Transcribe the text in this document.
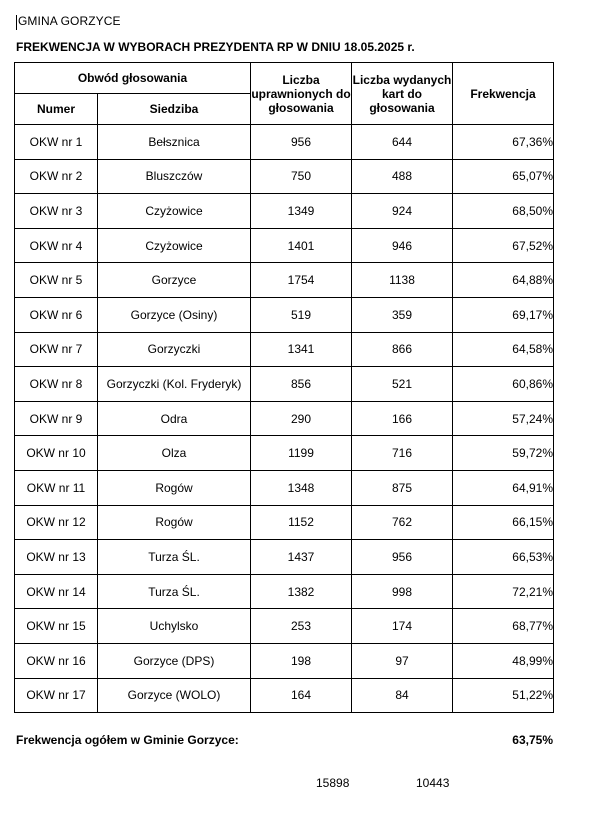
GMINA GORZYCE
FREKWENCJA W WYBORACH PREZYDENTA RP W DNIU 18.05.2025 r.
Obwód głosowania		Liczba uprawnionych do głosowania	Liczba wydanych kart do głosowania	Frekwencja
Numer	Siedziba			
OKW nr 1	Bełsznica	956	644	67,36%
OKW nr 2	Bluszczów	750	488	65,07%
OKW nr 3	Czyżowice	1349	924	68,50%
OKW nr 4	Czyżowice	1401	946	67,52%
OKW nr 5	Gorzyce	1754	1138	64,88%
OKW nr 6	Gorzyce (Osiny)	519	359	69,17%
OKW nr 7	Gorzyczki	1341	866	64,58%
OKW nr 8	Gorzyczki (Kol. Fryderyk)	856	521	60,86%
OKW nr 9	Odra	290	166	57,24%
OKW nr 10	Olza	1199	716	59,72%
OKW nr 11	Rogów	1348	875	64,91%
OKW nr 12	Rogów	1152	762	66,15%
OKW nr 13	Turza ŚL.	1437	956	66,53%
OKW nr 14	Turza ŚL.	1382	998	72,21%
OKW nr 15	Uchylsko	253	174	68,77%
OKW nr 16	Gorzyce (DPS)	198	97	48,99%
OKW nr 17	Gorzyce (WOLO)	164	84	51,22%
Frekwencja ogółem w Gminie Gorzyce:	63,75%
15898	10443
